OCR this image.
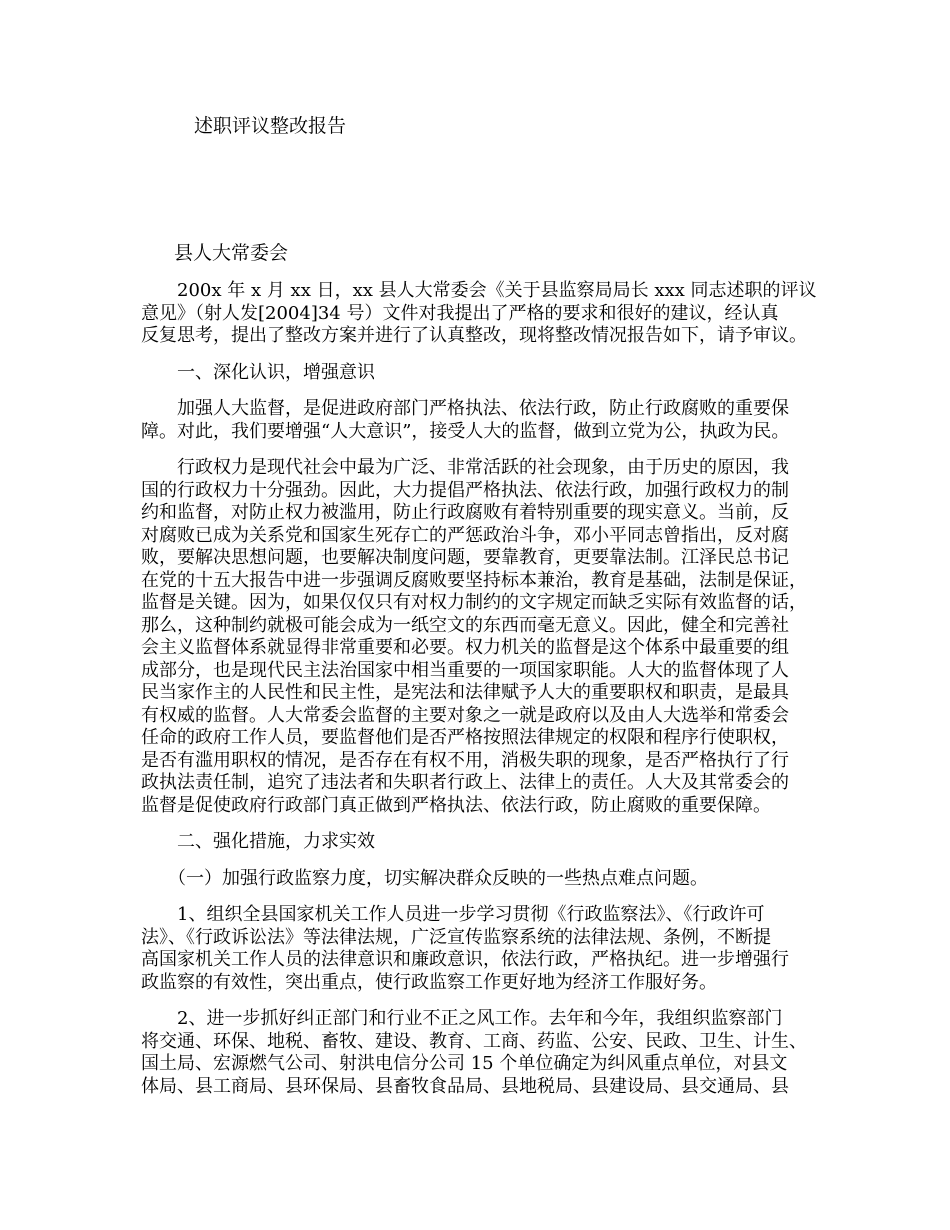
述职评议整改报告
县人大常委会
　　200x 年 x 月 xx 日，xx 县人大常委会《关于县监察局局长 xxx 同志述职的评议
意见》（射人发[2004]34 号）文件对我提出了严格的要求和很好的建议，经认真
反复思考，提出了整改方案并进行了认真整改，现将整改情况报告如下，请予审议。
　　一、深化认识，增强意识
　　加强人大监督，是促进政府部门严格执法、依法行政，防止行政腐败的重要保
障。对此，我们要增强“人大意识”，接受人大的监督，做到立党为公，执政为民。
　　行政权力是现代社会中最为广泛、非常活跃的社会现象，由于历史的原因，我
国的行政权力十分强劲。因此，大力提倡严格执法、依法行政，加强行政权力的制
约和监督，对防止权力被滥用，防止行政腐败有着特别重要的现实意义。当前，反
对腐败已成为关系党和国家生死存亡的严惩政治斗争，邓小平同志曾指出，反对腐
败，要解决思想问题，也要解决制度问题，要靠教育，更要靠法制。江泽民总书记
在党的十五大报告中进一步强调反腐败要坚持标本兼治，教育是基础，法制是保证，
监督是关键。因为，如果仅仅只有对权力制约的文字规定而缺乏实际有效监督的话，
那么，这种制约就极可能会成为一纸空文的东西而毫无意义。因此，健全和完善社
会主义监督体系就显得非常重要和必要。权力机关的监督是这个体系中最重要的组
成部分，也是现代民主法治国家中相当重要的一项国家职能。人大的监督体现了人
民当家作主的人民性和民主性，是宪法和法律赋予人大的重要职权和职责，是最具
有权威的监督。人大常委会监督的主要对象之一就是政府以及由人大选举和常委会
任命的政府工作人员，要监督他们是否严格按照法律规定的权限和程序行使职权，
是否有滥用职权的情况，是否存在有权不用，消极失职的现象，是否严格执行了行
政执法责任制，追究了违法者和失职者行政上、法律上的责任。人大及其常委会的
监督是促使政府行政部门真正做到严格执法、依法行政，防止腐败的重要保障。
　　二、强化措施，力求实效
　　（一）加强行政监察力度，切实解决群众反映的一些热点难点问题。
　　1、组织全县国家机关工作人员进一步学习贯彻《行政监察法》、《行政许可
法》、《行政诉讼法》等法律法规，广泛宣传监察系统的法律法规、条例，不断提
高国家机关工作人员的法律意识和廉政意识，依法行政，严格执纪。进一步增强行
政监察的有效性，突出重点，使行政监察工作更好地为经济工作服好务。
　　2、进一步抓好纠正部门和行业不正之风工作。去年和今年，我组织监察部门
将交通、环保、地税、畜牧、建设、教育、工商、药监、公安、民政、卫生、计生、
国土局、宏源燃气公司、射洪电信分公司 15 个单位确定为纠风重点单位，对县文
体局、县工商局、县环保局、县畜牧食品局、县地税局、县建设局、县交通局、县
